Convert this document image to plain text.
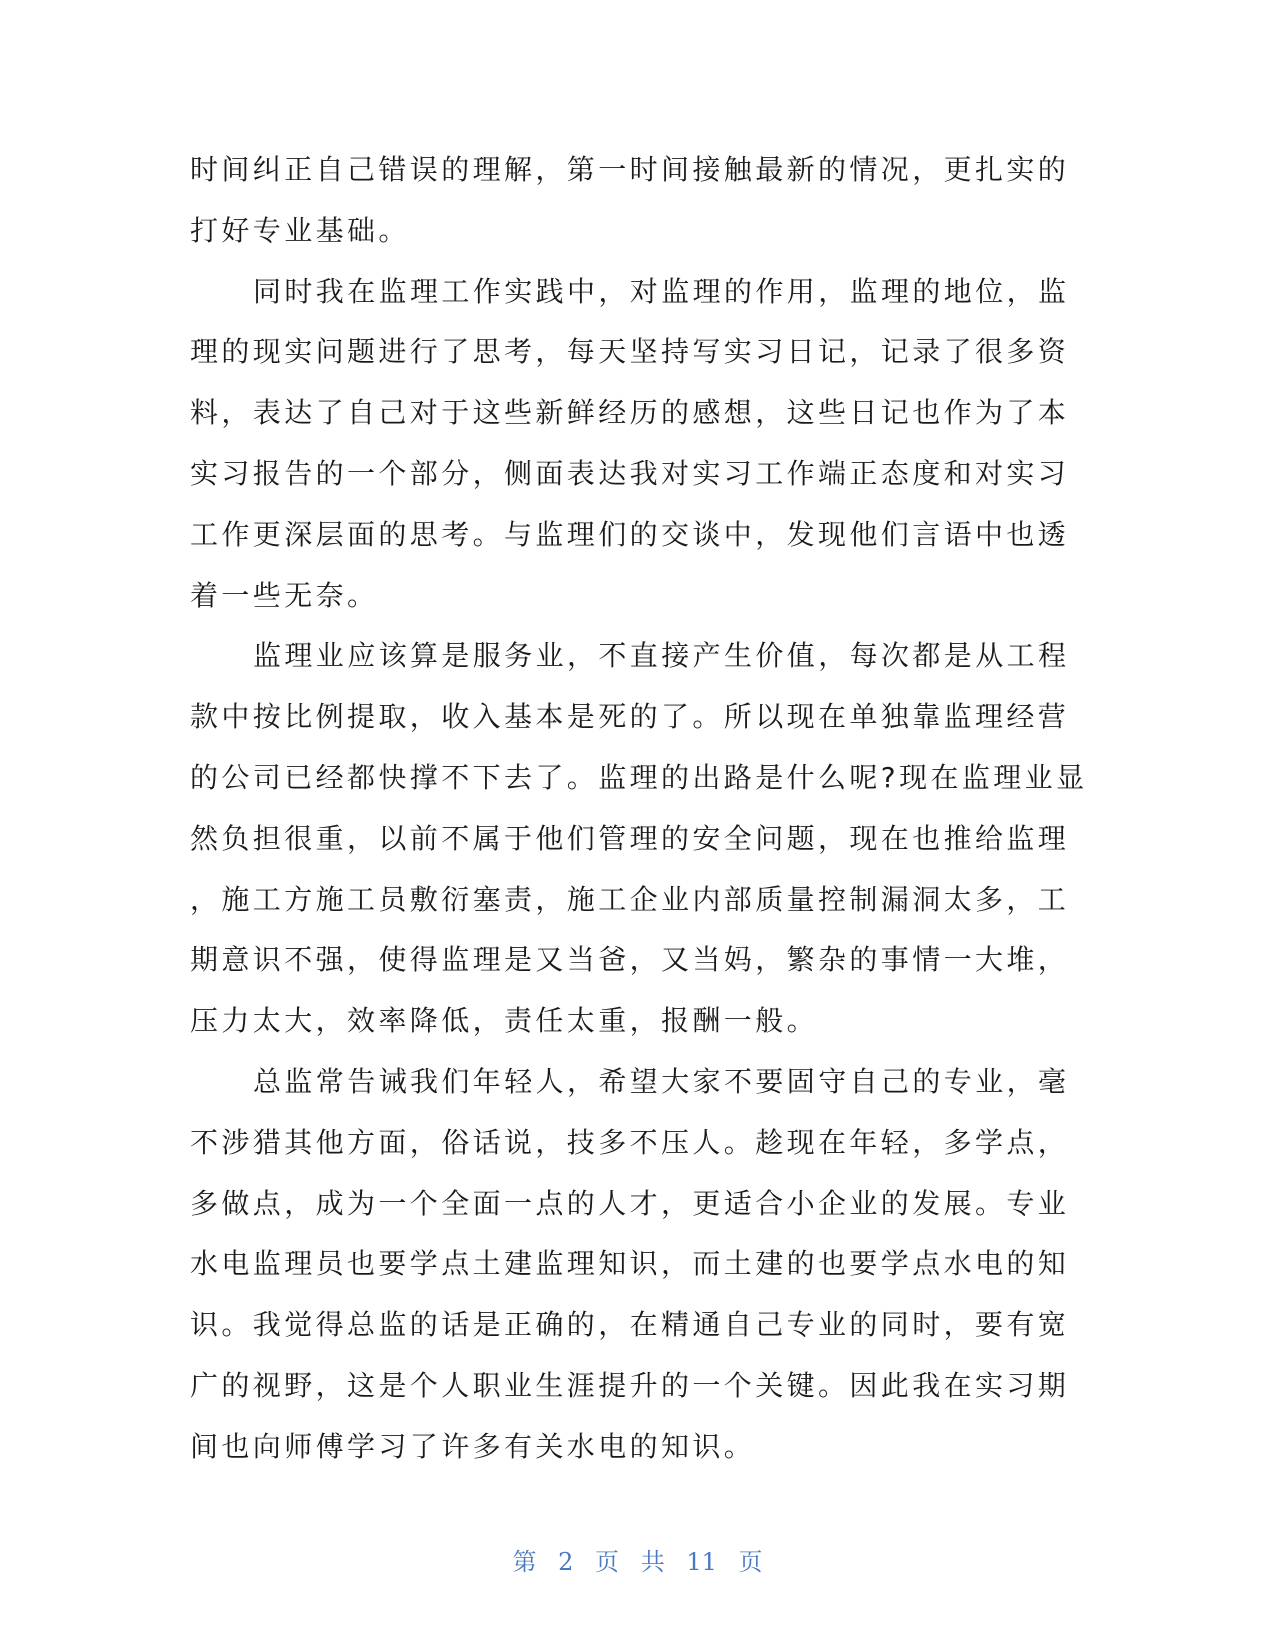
时间纠正自己错误的理解，第一时间接触最新的情况，更扎实的
打好专业基础。
同时我在监理工作实践中，对监理的作用，监理的地位，监
理的现实问题进行了思考，每天坚持写实习日记，记录了很多资
料，表达了自己对于这些新鲜经历的感想，这些日记也作为了本
实习报告的一个部分，侧面表达我对实习工作端正态度和对实习
工作更深层面的思考。与监理们的交谈中，发现他们言语中也透
着一些无奈。
监理业应该算是服务业，不直接产生价值，每次都是从工程
款中按比例提取，收入基本是死的了。所以现在单独靠监理经营
的公司已经都快撑不下去了。监理的出路是什么呢?现在监理业显
然负担很重，以前不属于他们管理的安全问题，现在也推给监理
，施工方施工员敷衍塞责，施工企业内部质量控制漏洞太多，工
期意识不强，使得监理是又当爸，又当妈，繁杂的事情一大堆，
压力太大，效率降低，责任太重，报酬一般。
总监常告诫我们年轻人，希望大家不要固守自己的专业，毫
不涉猎其他方面，俗话说，技多不压人。趁现在年轻，多学点，
多做点，成为一个全面一点的人才，更适合小企业的发展。专业
水电监理员也要学点土建监理知识，而土建的也要学点水电的知
识。我觉得总监的话是正确的，在精通自己专业的同时，要有宽
广的视野，这是个人职业生涯提升的一个关键。因此我在实习期
间也向师傅学习了许多有关水电的知识。
第 2 页 共 11 页
